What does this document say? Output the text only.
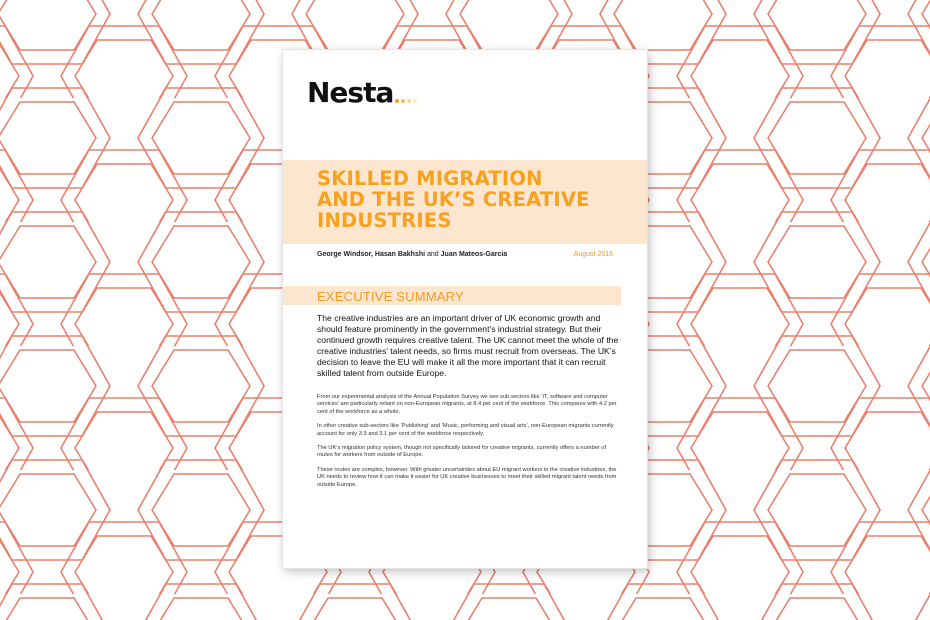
Nesta
SKILLED MIGRATION
AND THE UK’S CREATIVE
INDUSTRIES
George Windsor, Hasan Bakhshi and Juan Mateos-Garcia	August 2016
EXECUTIVE SUMMARY
The creative industries are an important driver of UK economic growth and should feature prominently in the government’s industrial strategy. But their continued growth requires creative talent. The UK cannot meet the whole of the creative industries’ talent needs, so firms must recruit from overseas. The UK’s decision to leave the EU will make it all the more important that it can recruit skilled talent from outside Europe.

From our experimental analysis of the Annual Population Survey we see sub-sectors like ‘IT, software and computer services’ are particularly reliant on non-European migrants, at 8.4 per cent of the workforce. This compares with 4.2 per cent of the workforce as a whole.

In other creative sub-sectors like ‘Publishing’ and ‘Music, performing and visual arts’, non-European migrants currently account for only 3.9 and 3.1 per cent of the workforce respectively.

The UK’s migration policy system, though not specifically tailored for creative migrants, currently offers a number of routes for workers from outside of Europe.

These routes are complex, however. With greater uncertainties about EU migrant workers in the creative industries, the UK needs to review how it can make it easier for UK creative businesses to meet their skilled migrant talent needs from outside Europe.
